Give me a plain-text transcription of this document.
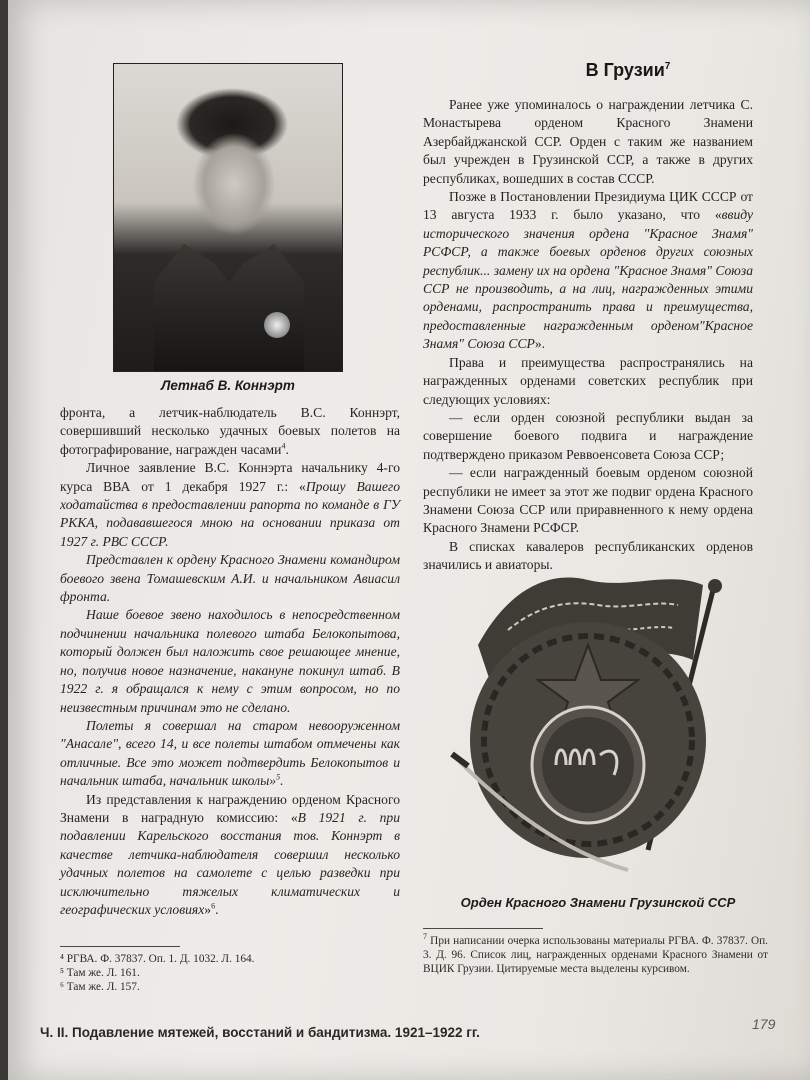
Летнаб В. Коннэрт

фронта, а летчик-наблюдатель В.С. Коннэрт, совершивший несколько удачных боевых полетов на фотографирование, награжден часами$^4$.

Личное заявление В.С. Коннэрта начальнику 4-го курса ВВА от 1 декабря 1927 г.: «Прошу Вашего ходатайства в предоставлении рапорта по команде в ГУ РККА, подававшегося мною на основании приказа от 1927 г. РВС СССР.

Представлен к ордену Красного Знамени командиром боевого звена Томашевским А.И. и начальником Авиасил фронта.

Наше боевое звено находилось в непосредственном подчинении начальника полевого штаба Белокопытова, который должен был наложить свое решающее мнение, но, получив новое назначение, накануне покинул штаб. В 1922 г. я обращался к нему с этим вопросом, но по неизвестным причинам это не сделано.

Полеты я совершал на старом невооруженном "Анасале", всего 14, и все полеты штабом отмечены как отличные. Все это может подтвердить Белокопытов и начальник штаба, начальник школы»$^5$.

Из представления к награждению орденом Красного Знамени в наградную комиссию: «В 1921 г. при подавлении Карельского восстания тов. Коннэрт в качестве летчика-наблюдателя совершил несколько удачных полетов на самолете с целью разведки при исключительно тяжелых климатических и географических условиях»$^6$.

В Грузии$^7$

Ранее уже упоминалось о награждении летчика С. Монастырева орденом Красного Знамени Азербайджанской ССР. Орден с таким же названием был учрежден в Грузинской ССР, а также в других республиках, вошедших в состав СССР.

Позже в Постановлении Президиума ЦИК СССР от 13 августа 1933 г. было указано, что «ввиду исторического значения ордена "Красное Знамя" РСФСР, а также боевых орденов других союзных республик... замену их на ордена "Красное Знамя" Союза ССР не производить, а на лиц, награжденных этими орденами, распространить права и преимущества, предоставленные награжденным орденом"Красное Знамя" Союза ССР».

Права и преимущества распространялись на награжденных орденами советских республик при следующих условиях:

— если орден союзной республики выдан за совершение боевого подвига и награждение подтверждено приказом Реввоенсовета Союза ССР;

— если награжденный боевым орденом союзной республики не имеет за этот же подвиг ордена Красного Знамени Союза ССР или приравненного к нему ордена Красного Знамени РСФСР.

В списках кавалеров республиканских орденов значились и авиаторы.

Орден Красного Знамени Грузинской ССР
⁴ РГВА. Ф. 37837. Оп. 1. Д. 1032. Л. 164.
⁵ Там же. Л. 161.
⁶ Там же. Л. 157.
$^7$ При написании очерка использованы материалы РГВА. Ф. 37837. Оп. 3. Д. 96. Список лиц, награжденных орденами Красного Знамени от ВЦИК Грузии. Цитируемые места выделены курсивом.
Ч. II. Подавление мятежей, восстаний и бандитизма. 1921–1922 гг.
179
